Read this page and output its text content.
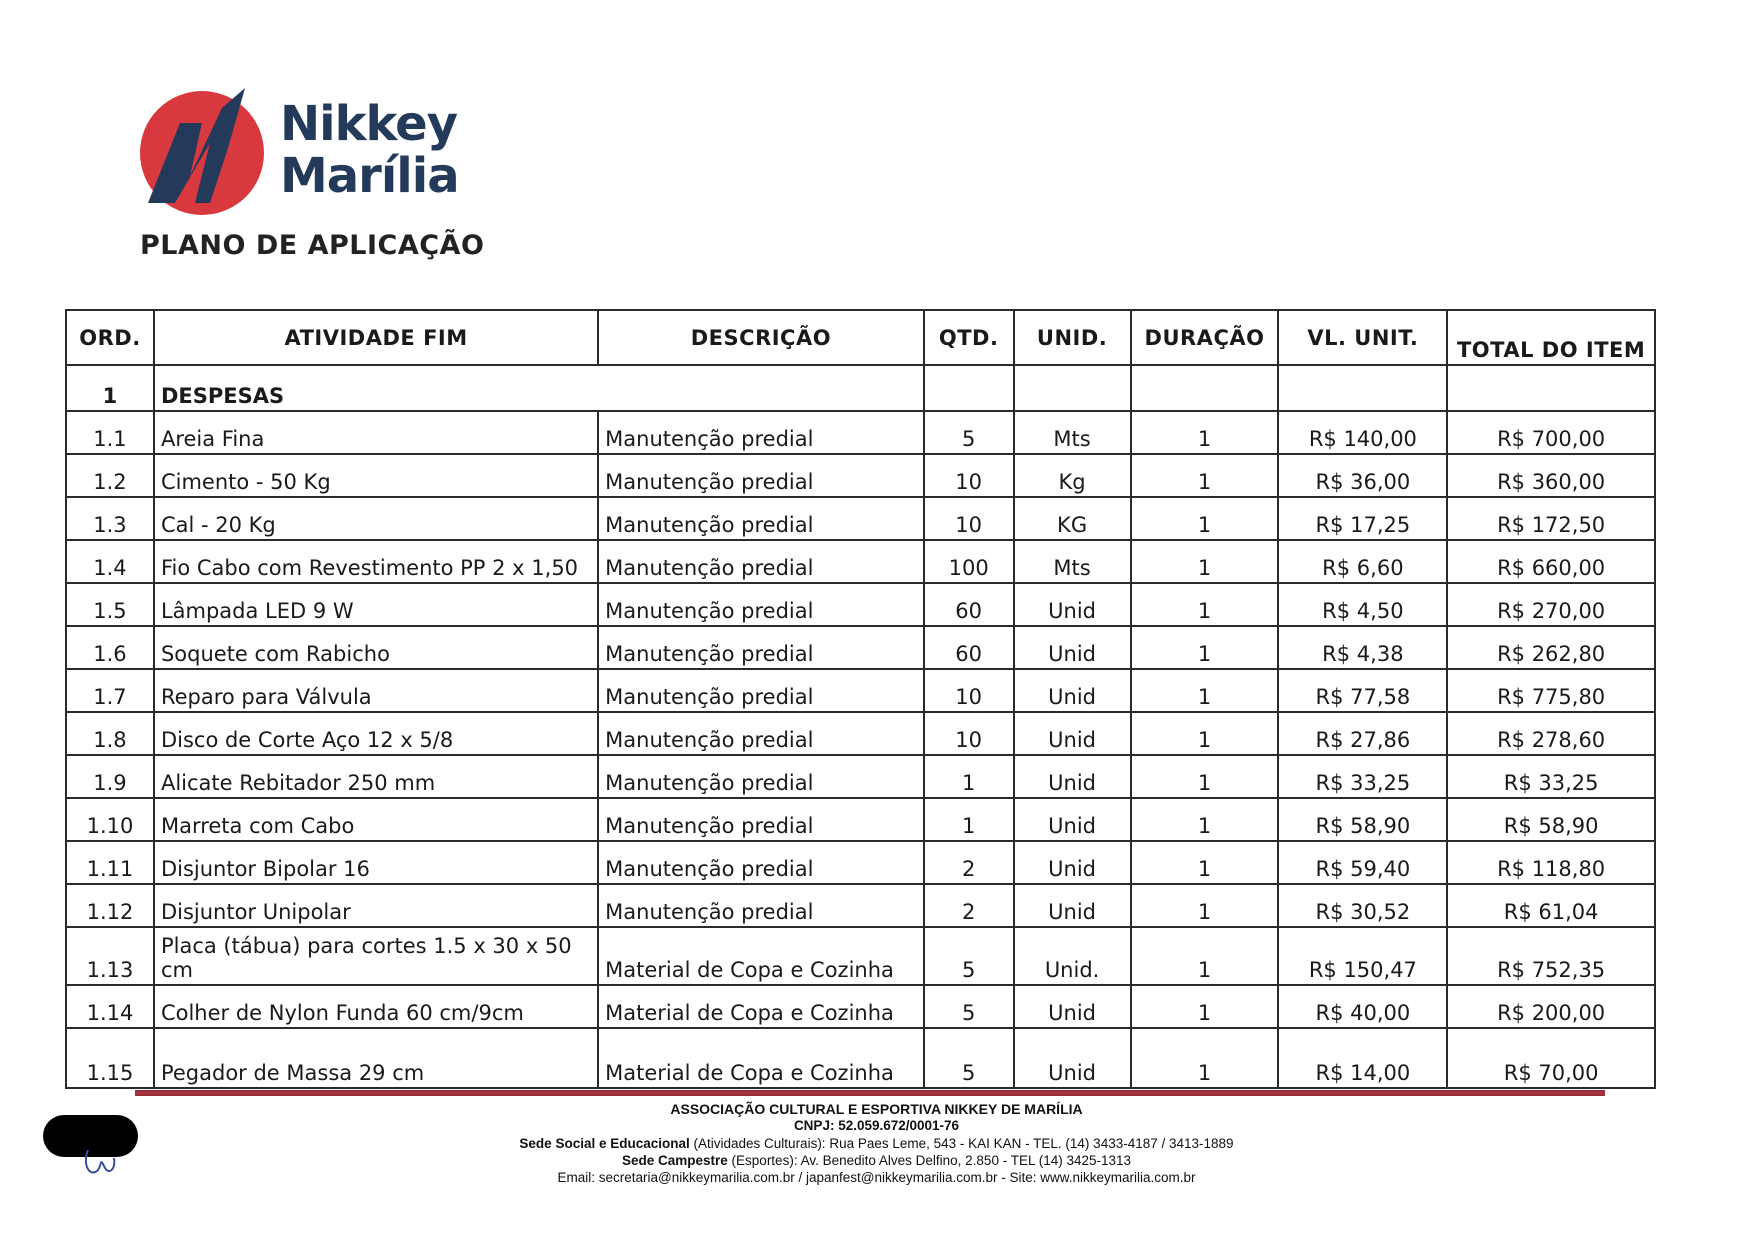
Nikkey
Marília
PLANO DE APLICAÇÃO
ORD.	ATIVIDADE FIM	DESCRIÇÃO	QTD.	UNID.	DURAÇÃO	VL. UNIT.	TOTAL DO ITEM
1	DESPESAS						
1.1	Areia Fina	Manutenção predial	5	Mts	1	R$ 140,00	R$ 700,00
1.2	Cimento - 50 Kg	Manutenção predial	10	Kg	1	R$ 36,00	R$ 360,00
1.3	Cal - 20 Kg	Manutenção predial	10	KG	1	R$ 17,25	R$ 172,50
1.4	Fio Cabo com Revestimento PP 2 x 1,50	Manutenção predial	100	Mts	1	R$ 6,60	R$ 660,00
1.5	Lâmpada LED 9 W	Manutenção predial	60	Unid	1	R$ 4,50	R$ 270,00
1.6	Soquete com Rabicho	Manutenção predial	60	Unid	1	R$ 4,38	R$ 262,80
1.7	Reparo para Válvula	Manutenção predial	10	Unid	1	R$ 77,58	R$ 775,80
1.8	Disco de Corte Aço 12 x 5/8	Manutenção predial	10	Unid	1	R$ 27,86	R$ 278,60
1.9	Alicate Rebitador 250 mm	Manutenção predial	1	Unid	1	R$ 33,25	R$ 33,25
1.10	Marreta com Cabo	Manutenção predial	1	Unid	1	R$ 58,90	R$ 58,90
1.11	Disjuntor Bipolar 16	Manutenção predial	2	Unid	1	R$ 59,40	R$ 118,80
1.12	Disjuntor Unipolar	Manutenção predial	2	Unid	1	R$ 30,52	R$ 61,04
1.13	Placa (tábua) para cortes 1.5 x 30 x 50 cm	Material de Copa e Cozinha	5	Unid.	1	R$ 150,47	R$ 752,35
1.14	Colher de Nylon Funda 60 cm/9cm	Material de Copa e Cozinha	5	Unid	1	R$ 40,00	R$ 200,00
1.15	Pegador de Massa 29 cm	Material de Copa e Cozinha	5	Unid	1	R$ 14,00	R$ 70,00
ASSOCIAÇÃO CULTURAL E ESPORTIVA NIKKEY DE MARÍLIA
CNPJ: 52.059.672/0001-76
Sede Social e Educacional (Atividades Culturais): Rua Paes Leme, 543 - KAI KAN - TEL. (14) 3433-4187 / 3413-1889
Sede Campestre (Esportes): Av. Benedito Alves Delfino, 2.850 - TEL (14) 3425-1313
Email: secretaria@nikkeymarilia.com.br / japanfest@nikkeymarilia.com.br - Site: www.nikkeymarilia.com.br
